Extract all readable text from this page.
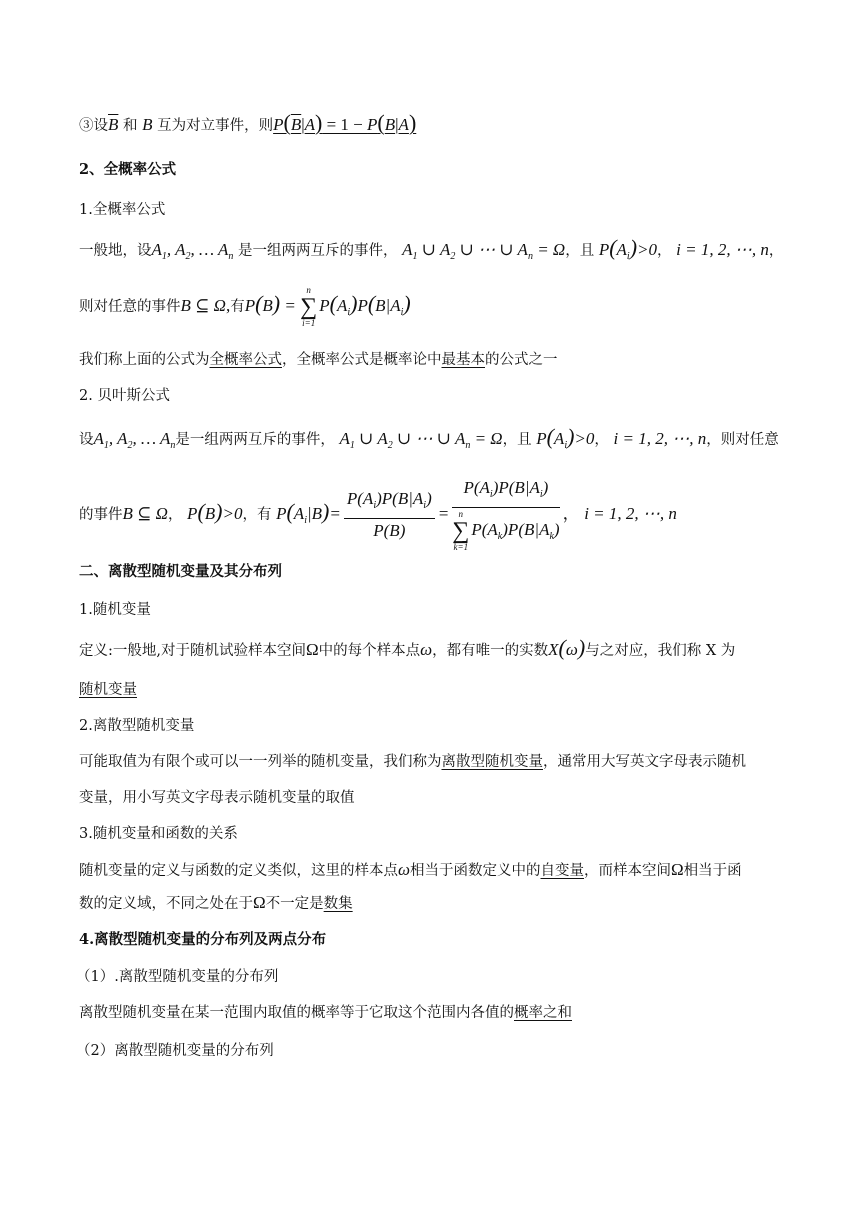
③设$\overline{B}$ 和 B 互为对立事件，则P(B|A) = 1 − P(B|A)
2、全概率公式
1.全概率公式
一般地，设$A_1$, $A_2$, … $A_n$ 是一组两两互斥的事件， $A_1$ ∪ $A_2$ ∪ ⋯ ∪ $A_n = \Omega$，且 $P(A_i)>0$， i = 1, 2, ⋯, n，
则对任意的事件B ⊆ Ω,有P(B) =
n
∑
i=1
$P(A_i)P(B|A_i)$
我们称上面的公式为全概率公式，全概率公式是概率论中最基本的公式之一
2. 贝叶斯公式
设$A_1$, $A_2$, … $A_n$是一组两两互斥的事件， $A_1$ ∪ $A_2$ ∪ ⋯ ∪ $A_n = \Omega$，且 $P(A_i)>0$， i = 1, 2, ⋯, n，则对任意
的事件B ⊆ Ω， P(B)>0，有 $P(A_i|B)= \frac{P(A_i)P(B|A_i)}{P(B)} = P(A_i)P(B|A_i)$
n
∑
k=1
$P(A_k)P(B|A_k)$ ， i = 1, 2, ⋯, n
二、离散型随机变量及其分布列
1.随机变量
定义:一般地,对于随机试验样本空间Ω中的每个样本点ω，都有唯一的实数X(ω)与之对应，我们称 X 为
随机变量
2.离散型随机变量
可能取值为有限个或可以一一列举的随机变量，我们称为离散型随机变量，通常用大写英文字母表示随机
变量，用小写英文字母表示随机变量的取值
3.随机变量和函数的关系
随机变量的定义与函数的定义类似，这里的样本点ω相当于函数定义中的自变量，而样本空间Ω相当于函
数的定义域，不同之处在于Ω不一定是数集
4.离散型随机变量的分布列及两点分布
（1）.离散型随机变量的分布列
离散型随机变量在某一范围内取值的概率等于它取这个范围内各值的概率之和
（2）离散型随机变量的分布列
